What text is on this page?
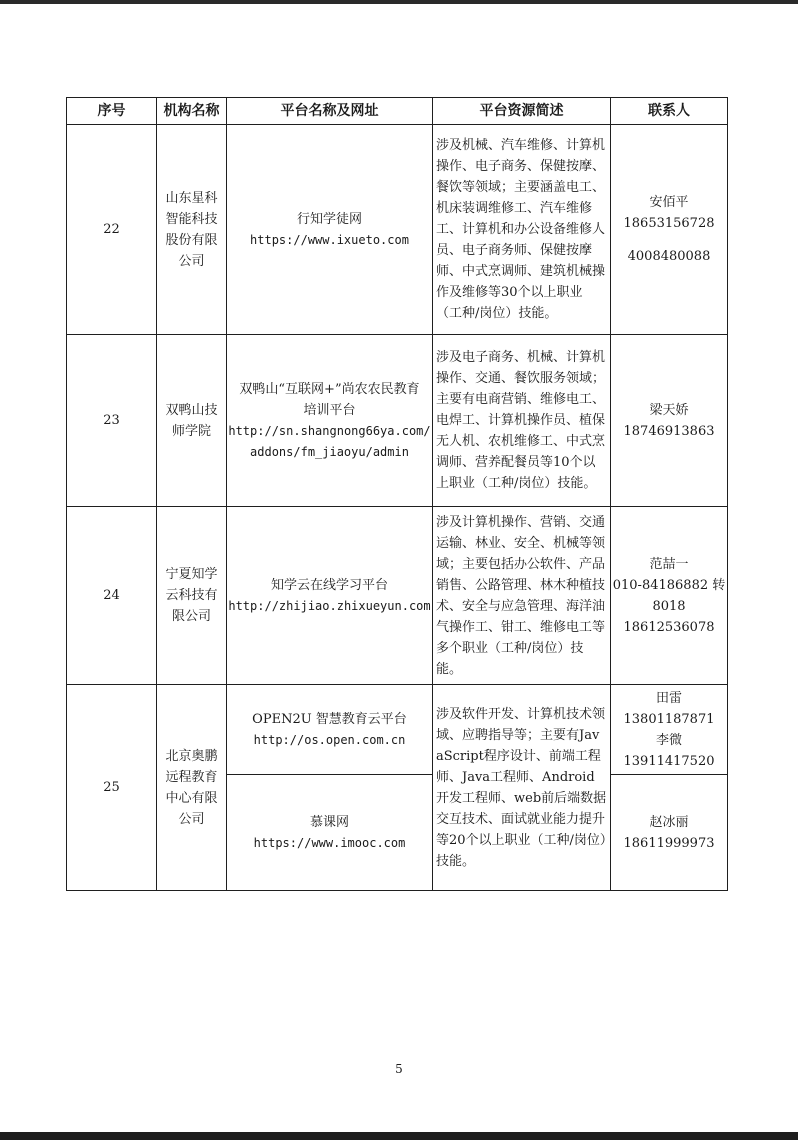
序号	机构名称	平台名称及网址	平台资源简述	联系人
22	山东星科
智能科技
股份有限
公司	行知学徒网
https://www.ixueto.com	涉及机械、汽车维修、计算机操作、电子商务、保健按摩、餐饮等领域；主要涵盖电工、机床装调维修工、汽车维修工、计算机和办公设备维修人员、电子商务师、保健按摩师、中式烹调师、建筑机械操作及维修等30个以上职业（工种/岗位）技能。	安佰平
18653156728
4008480088

23	双鸭山技
师学院	双鸭山“互联网+”尚农农民教育
培训平台
http://sn.shangnong66ya.com/
addons/fm_jiaoyu/admin	涉及电子商务、机械、计算机操作、交通、餐饮服务领域；主要有电商营销、维修电工、电焊工、计算机操作员、植保无人机、农机维修工、中式烹调师、营养配餐员等10个以上职业（工种/岗位）技能。	梁天娇
18746913863

24	宁夏知学
云科技有
限公司	知学云在线学习平台
http://zhijiao.zhixueyun.com	涉及计算机操作、营销、交通运输、林业、安全、机械等领域；主要包括办公软件、产品销售、公路管理、林木种植技术、安全与应急管理、海洋油气操作工、钳工、维修电工等多个职业（工种/岗位）技能。	范喆一
010-84186882 转
8018
18612536078

25	北京奥鹏
远程教育
中心有限
公司	OPEN2U 智慧教育云平台
http://os.open.com.cn	涉及软件开发、计算机技术领域、应聘指导等；主要有JavaScript程序设计、前端工程师、Java工程师、Android开发工程师、web前后端数据交互技术、面试就业能力提升等20个以上职业（工种/岗位）技能。	田雷
13801187871
李微
13911417520

		慕课网
https://www.imooc.com		赵冰丽
18611999973
5
